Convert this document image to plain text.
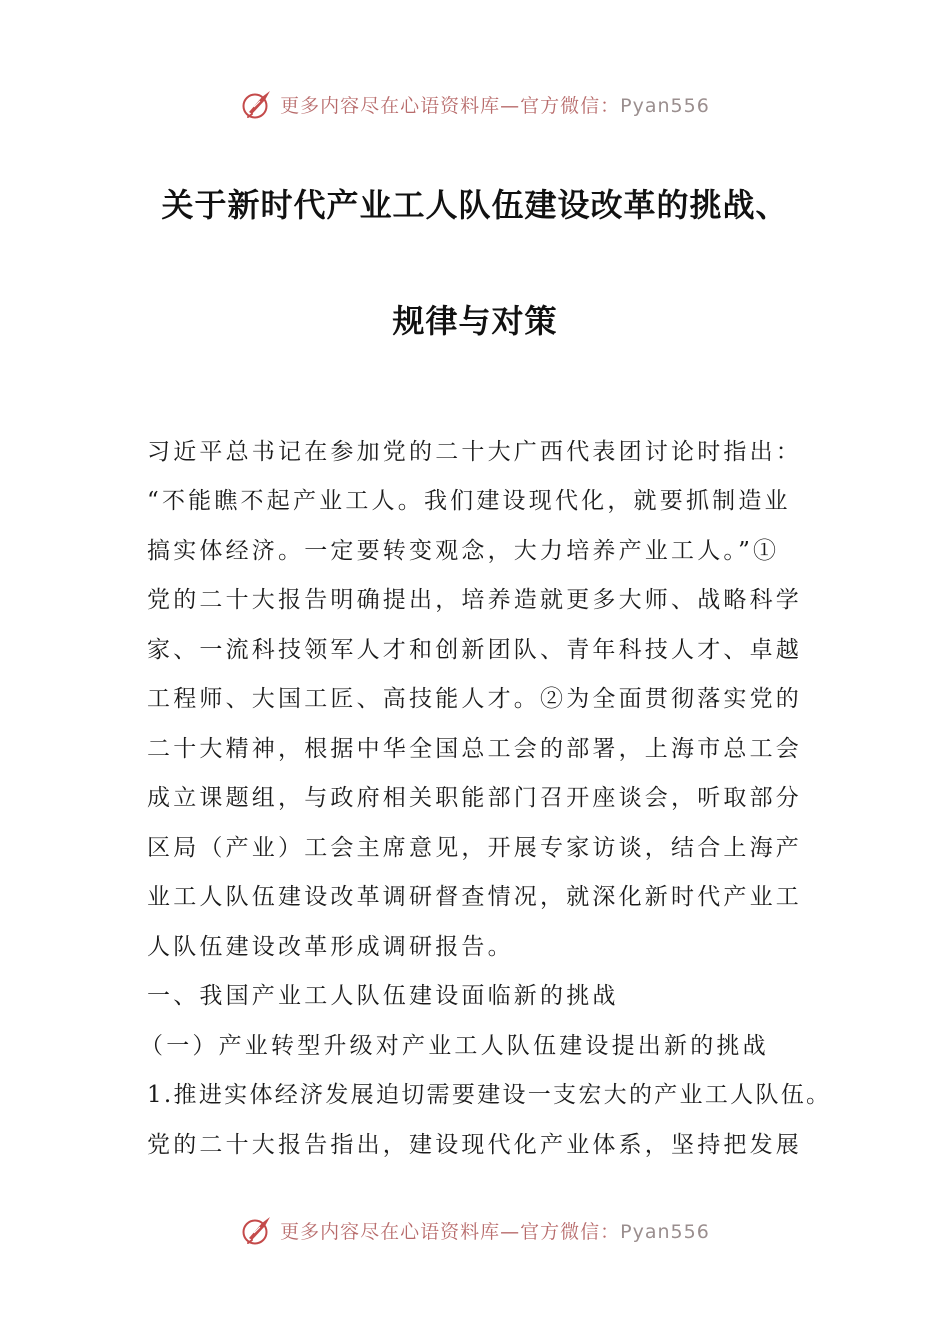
更多内容尽在心语资料库—官方微信：Pyan556
关于新时代产业工人队伍建设改革的挑战、
规律与对策
习近平总书记在参加党的二十大广西代表团讨论时指出：
“不能瞧不起产业工人。我们建设现代化，就要抓制造业
搞实体经济。一定要转变观念，大力培养产业工人。”①
党的二十大报告明确提出，培养造就更多大师、战略科学
家、一流科技领军人才和创新团队、青年科技人才、卓越
工程师、大国工匠、高技能人才。②为全面贯彻落实党的
二十大精神，根据中华全国总工会的部署，上海市总工会
成立课题组，与政府相关职能部门召开座谈会，听取部分
区局（产业）工会主席意见，开展专家访谈，结合上海产
业工人队伍建设改革调研督查情况，就深化新时代产业工
人队伍建设改革形成调研报告。
一、我国产业工人队伍建设面临新的挑战
（一）产业转型升级对产业工人队伍建设提出新的挑战
1.推进实体经济发展迫切需要建设一支宏大的产业工人队伍。
党的二十大报告指出，建设现代化产业体系，坚持把发展
更多内容尽在心语资料库—官方微信：Pyan556
